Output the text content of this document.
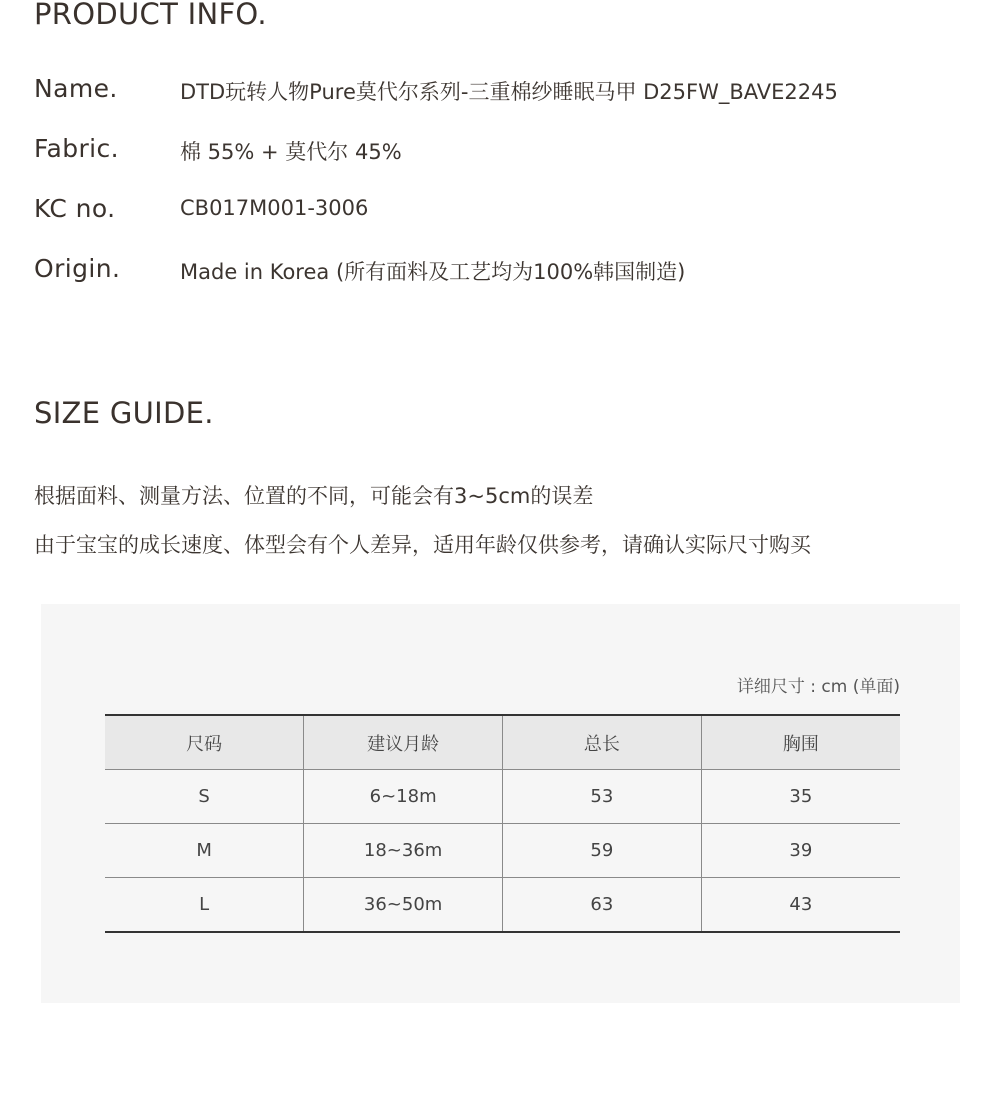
PRODUCT INFO.
Name.	DTD玩转人物Pure莫代尔系列-三重棉纱睡眠马甲 D25FW_BAVE2245
Fabric.	棉 55% + 莫代尔 45%
KC no.	CB017M001-3006
Origin.	Made in Korea (所有面料及工艺均为100%韩国制造)
SIZE GUIDE.
根据面料、测量方法、位置的不同，可能会有3~5cm的误差
由于宝宝的成长速度、体型会有个人差异，适用年龄仅供参考，请确认实际尺寸购买
详细尺寸 : cm (单面)
尺码	建议月龄	总长	胸围
S	6~18m	53	35
M	18~36m	59	39
L	36~50m	63	43
